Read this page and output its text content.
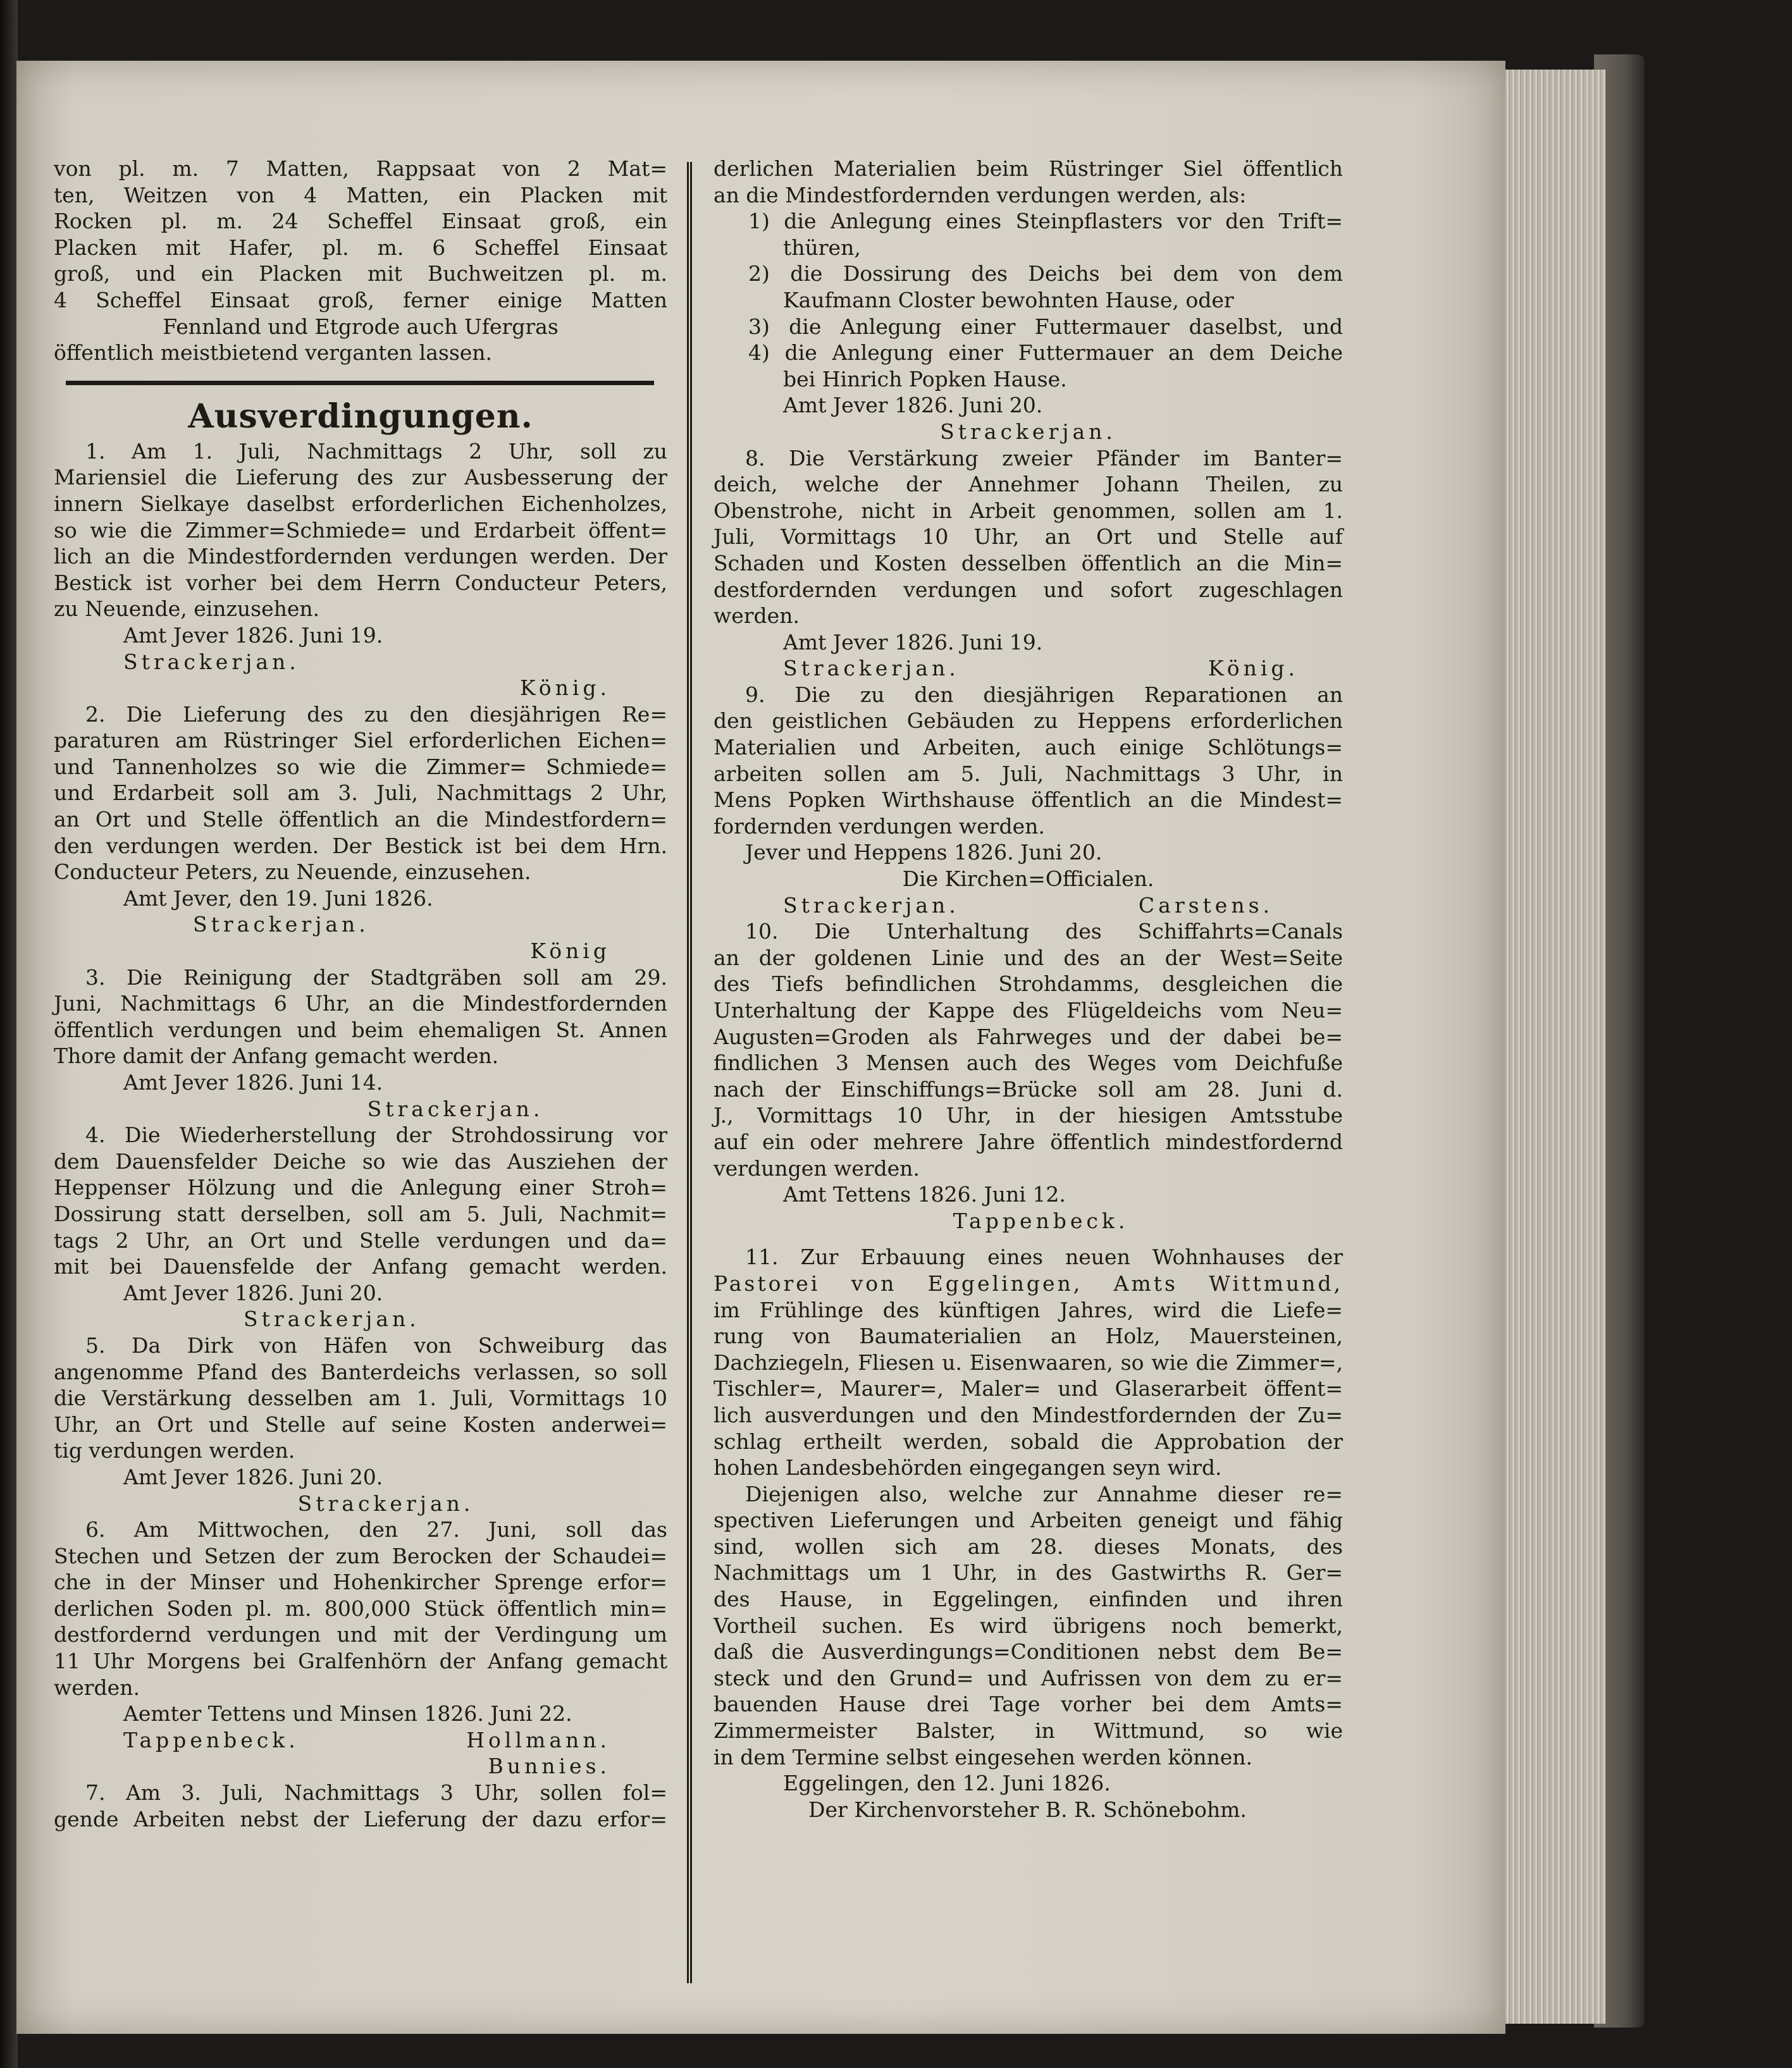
von pl. m. 7 Matten, Rappsaat von 2 Mat=

ten, Weitzen von 4 Matten, ein Placken mit

Rocken pl. m. 24 Scheffel Einsaat groß, ein

Placken mit Hafer, pl. m. 6 Scheffel Einsaat

groß, und ein Placken mit Buchweitzen pl. m.

4 Scheffel Einsaat groß, ferner einige Matten

Fennland und Etgrode auch Ufergras

öffentlich meistbietend verganten lassen.

Ausverdingungen.

1. Am 1. Juli, Nachmittags 2 Uhr, soll zu

Mariensiel die Lieferung des zur Ausbesserung der

innern Sielkaye daselbst erforderlichen Eichenholzes,

so wie die Zimmer=Schmiede= und Erdarbeit öffent=

lich an die Mindestfordernden verdungen werden. Der

Bestick ist vorher bei dem Herrn Conducteur Peters,

zu Neuende, einzusehen.

Amt Jever 1826. Juni 19.

Strackerjan.

König.

2. Die Lieferung des zu den diesjährigen Re=

paraturen am Rüstringer Siel erforderlichen Eichen=

und Tannenholzes so wie die Zimmer= Schmiede=

und Erdarbeit soll am 3. Juli, Nachmittags 2 Uhr,

an Ort und Stelle öffentlich an die Mindestfordern=

den verdungen werden. Der Bestick ist bei dem Hrn.

Conducteur Peters, zu Neuende, einzusehen.

Amt Jever, den 19. Juni 1826.

Strackerjan.

König

3. Die Reinigung der Stadtgräben soll am 29.

Juni, Nachmittags 6 Uhr, an die Mindestfordernden

öffentlich verdungen und beim ehemaligen St. Annen

Thore damit der Anfang gemacht werden.

Amt Jever 1826. Juni 14.

Strackerjan.

4. Die Wiederherstellung der Strohdossirung vor

dem Dauensfelder Deiche so wie das Ausziehen der

Heppenser Hölzung und die Anlegung einer Stroh=

Dossirung statt derselben, soll am 5. Juli, Nachmit=

tags 2 Uhr, an Ort und Stelle verdungen und da=

mit bei Dauensfelde der Anfang gemacht werden.

Amt Jever 1826. Juni 20.

Strackerjan.

5. Da Dirk von Häfen von Schweiburg das

angenomme Pfand des Banterdeichs verlassen, so soll

die Verstärkung desselben am 1. Juli, Vormittags 10

Uhr, an Ort und Stelle auf seine Kosten anderwei=

tig verdungen werden.

Amt Jever 1826. Juni 20.

Strackerjan.

6. Am Mittwochen, den 27. Juni, soll das

Stechen und Setzen der zum Berocken der Schaudei=

che in der Minser und Hohenkircher Sprenge erfor=

derlichen Soden pl. m. 800,000 Stück öffentlich min=

destfordernd verdungen und mit der Verdingung um

11 Uhr Morgens bei Gralfenhörn der Anfang gemacht

werden.

Aemter Tettens und Minsen 1826. Juni 22.

Tappenbeck.	Hollmann.

Bunnies.

7. Am 3. Juli, Nachmittags 3 Uhr, sollen fol=

gende Arbeiten nebst der Lieferung der dazu erfor=

derlichen Materialien beim Rüstringer Siel öffentlich

an die Mindestfordernden verdungen werden, als:

1) die Anlegung eines Steinpflasters vor den Trift=

thüren,

2) die Dossirung des Deichs bei dem von dem

Kaufmann Closter bewohnten Hause, oder

3) die Anlegung einer Futtermauer daselbst, und

4) die Anlegung einer Futtermauer an dem Deiche

bei Hinrich Popken Hause.

Amt Jever 1826. Juni 20.

Strackerjan.

8. Die Verstärkung zweier Pfänder im Banter=

deich, welche der Annehmer Johann Theilen, zu

Obenstrohe, nicht in Arbeit genommen, sollen am 1.

Juli, Vormittags 10 Uhr, an Ort und Stelle auf

Schaden und Kosten desselben öffentlich an die Min=

destfordernden verdungen und sofort zugeschlagen

werden.

Amt Jever 1826. Juni 19.

Strackerjan.	König.

9. Die zu den diesjährigen Reparationen an

den geistlichen Gebäuden zu Heppens erforderlichen

Materialien und Arbeiten, auch einige Schlötungs=

arbeiten sollen am 5. Juli, Nachmittags 3 Uhr, in

Mens Popken Wirthshause öffentlich an die Mindest=

fordernden verdungen werden.

Jever und Heppens 1826. Juni 20.

Die Kirchen=Officialen.

Strackerjan.	Carstens.

10. Die Unterhaltung des Schiffahrts=Canals

an der goldenen Linie und des an der West=Seite

des Tiefs befindlichen Strohdamms, desgleichen die

Unterhaltung der Kappe des Flügeldeichs vom Neu=

Augusten=Groden als Fahrweges und der dabei be=

findlichen 3 Mensen auch des Weges vom Deichfuße

nach der Einschiffungs=Brücke soll am 28. Juni d.

J., Vormittags 10 Uhr, in der hiesigen Amtsstube

auf ein oder mehrere Jahre öffentlich mindestfordernd

verdungen werden.

Amt Tettens 1826. Juni 12.

Tappenbeck.

11. Zur Erbauung eines neuen Wohnhauses der

Pastorei von Eggelingen, Amts Wittmund,

im Frühlinge des künftigen Jahres, wird die Liefe=

rung von Baumaterialien an Holz, Mauersteinen,

Dachziegeln, Fliesen u. Eisenwaaren, so wie die Zimmer=,

Tischler=, Maurer=, Maler= und Glaserarbeit öffent=

lich ausverdungen und den Mindestfordernden der Zu=

schlag ertheilt werden, sobald die Approbation der

hohen Landesbehörden eingegangen seyn wird.

Diejenigen also, welche zur Annahme dieser re=

spectiven Lieferungen und Arbeiten geneigt und fähig

sind, wollen sich am 28. dieses Monats, des

Nachmittags um 1 Uhr, in des Gastwirths R. Ger=

des Hause, in Eggelingen, einfinden und ihren

Vortheil suchen. Es wird übrigens noch bemerkt,

daß die Ausverdingungs=Conditionen nebst dem Be=

steck und den Grund= und Aufrissen von dem zu er=

bauenden Hause drei Tage vorher bei dem Amts=

Zimmermeister Balster, in Wittmund, so wie

in dem Termine selbst eingesehen werden können.

Eggelingen, den 12. Juni 1826.

Der Kirchenvorsteher B. R. Schönebohm.
